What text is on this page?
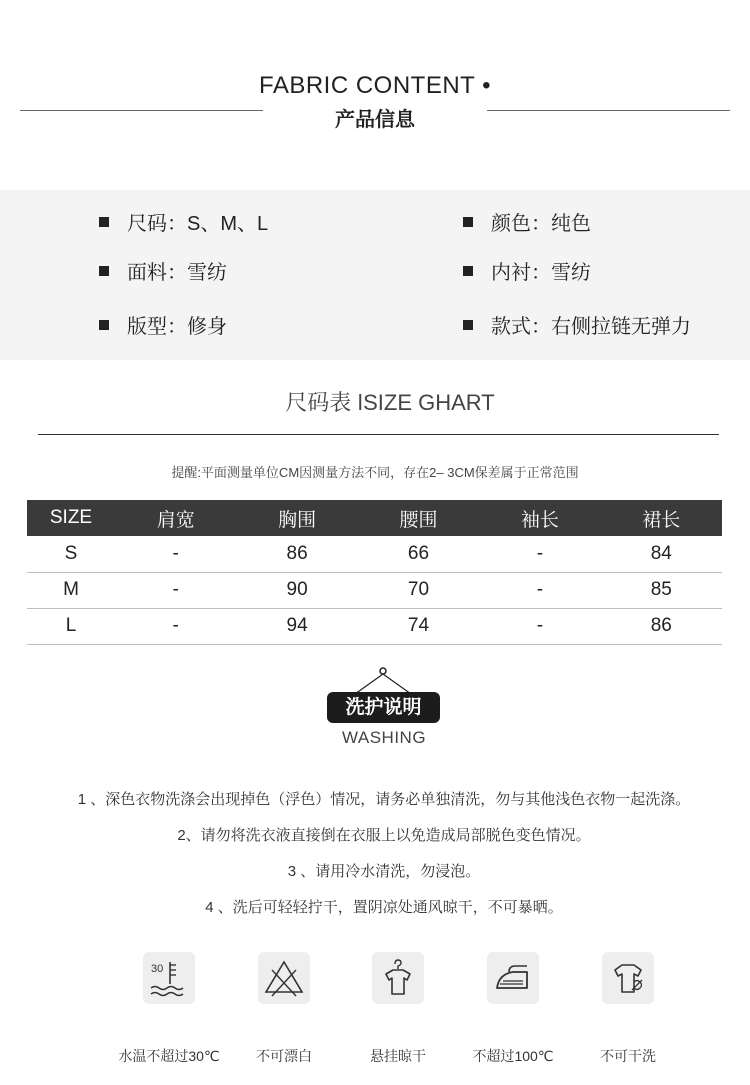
FABRIC CONTENT •
产品信息
尺码：S、M、L	颜色：纯色
面料：雪纺	内衬：雪纺
版型：修身	款式：右侧拉链无弹力
尺码表 ǀSIZE GHART
提醒:平面测量单位CM因测量方法不同，存在2– 3CM保差属于正常范围
SIZE	肩宽	胸围	腰围	袖长	裙长
S	-	86	66	-	84
M	-	90	70	-	85
L	-	94	74	-	86
洗护说明
WASHING
1 、深色衣物洗涤会出现掉色（浮色）情况，请务必单独清洗，勿与其他浅色衣物一起洗涤。
2、请勿将洗衣液直接倒在衣服上以免造成局部脱色变色情况。
3 、请用冷水清洗，勿浸泡。
4 、洗后可轻轻拧干，置阴凉处通风晾干，不可暴晒。
30
水温不超过30℃	不可漂白	悬挂晾干	不超过100℃	不可干洗
